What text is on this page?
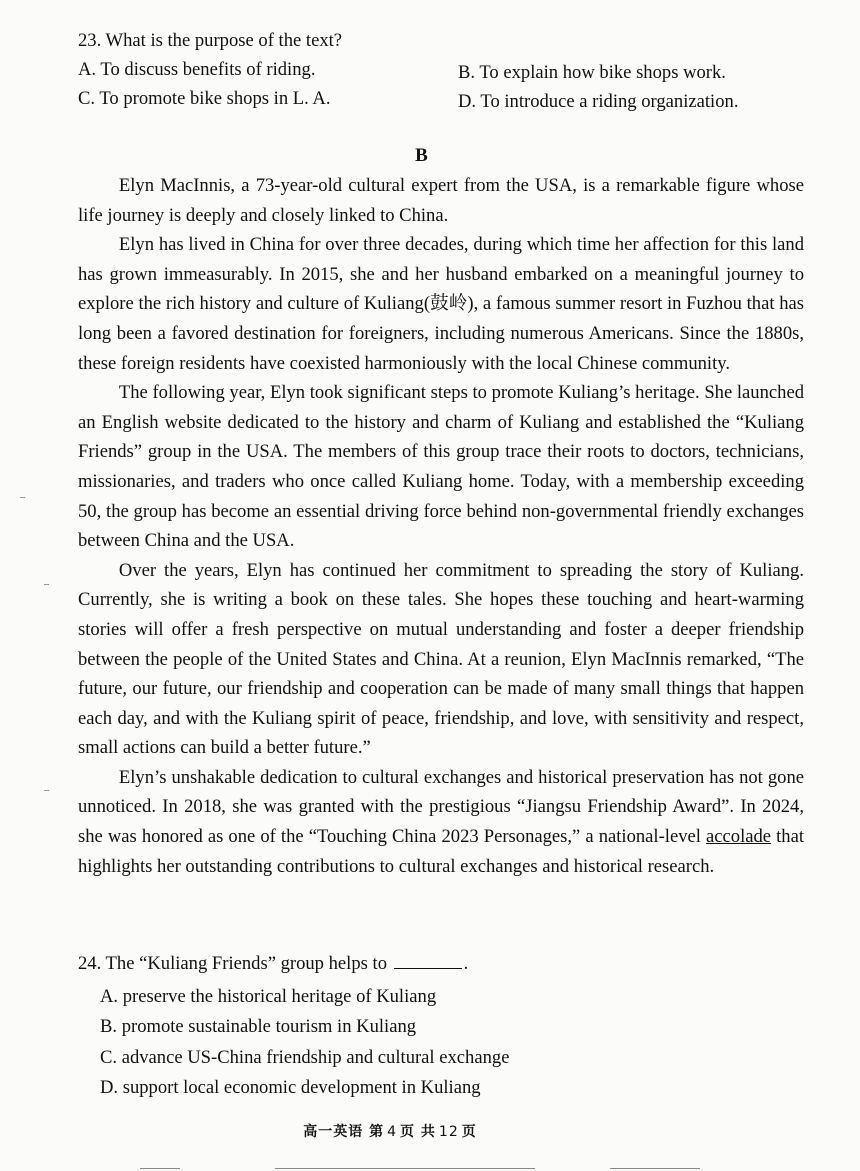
23. What is the purpose of the text?
A. To discuss benefits of riding.	B. To explain how bike shops work.
C. To promote bike shops in L. A.	D. To introduce a riding organization.
B

Elyn MacInnis, a 73-year-old cultural expert from the USA, is a remarkable figure whose life journey is deeply and closely linked to China.

Elyn has lived in China for over three decades, during which time her affection for this land has grown immeasurably. In 2015, she and her husband embarked on a meaningful journey to explore the rich history and culture of Kuliang(鼓岭), a famous summer resort in Fuzhou that has long been a favored destination for foreigners, including numerous Americans. Since the 1880s, these foreign residents have coexisted harmoniously with the local Chinese community.

The following year, Elyn took significant steps to promote Kuliang’s heritage. She launched an English website dedicated to the history and charm of Kuliang and established the “Kuliang Friends” group in the USA. The members of this group trace their roots to doctors, technicians, missionaries, and traders who once called Kuliang home. Today, with a membership exceeding 50, the group has become an essential driving force behind non-governmental friendly exchanges between China and the USA.

Over the years, Elyn has continued her commitment to spreading the story of Kuliang. Currently, she is writing a book on these tales. She hopes these touching and heart-warming stories will offer a fresh perspective on mutual understanding and foster a deeper friendship between the people of the United States and China. At a reunion, Elyn MacInnis remarked, “The future, our future, our friendship and cooperation can be made of many small things that happen each day, and with the Kuliang spirit of peace, friendship, and love, with sensitivity and respect, small actions can build a better future.”

Elyn’s unshakable dedication to cultural exchanges and historical preservation has not gone unnoticed. In 2018, she was granted with the prestigious “Jiangsu Friendship Award”. In 2024, she was honored as one of the “Touching China 2023 Personages,” a national-level accolade that highlights her outstanding contributions to cultural exchanges and historical research.

24. The “Kuliang Friends” group helps to	.
A. preserve the historical heritage of Kuliang
B. promote sustainable tourism in Kuliang
C. advance US-China friendship and cultural exchange
D. support local economic development in Kuliang
高一英语 第 4 页 共 12 页
